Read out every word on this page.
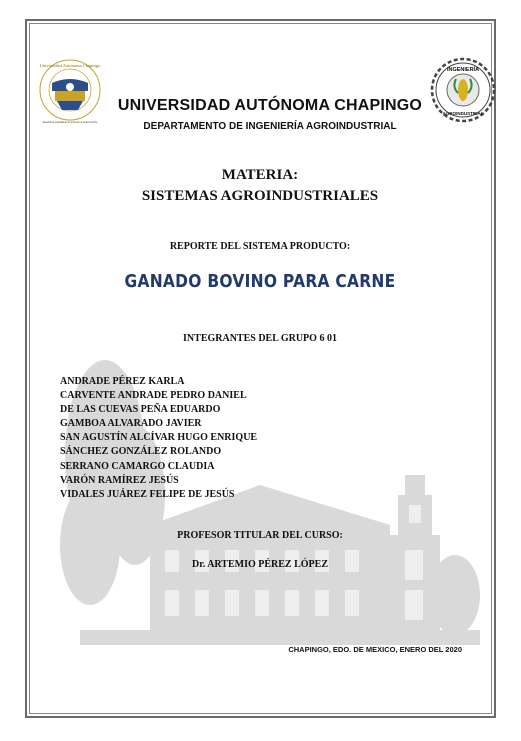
Universidad Autónoma Chapingo
Enseñar la explotación de la tierra no la del hombre
INGENIERÍA
AGROINDUSTRIAL
UNIVERSIDAD AUTÓNOMA CHAPINGO
DEPARTAMENTO DE INGENIERÍA AGROINDUSTRIAL
MATERIA:
SISTEMAS AGROINDUSTRIALES
REPORTE DEL SISTEMA PRODUCTO:
GANADO BOVINO PARA CARNE
INTEGRANTES DEL GRUPO 6 01
ANDRADE PÉREZ KARLA
CARVENTE ANDRADE PEDRO DANIEL
DE LAS CUEVAS PEÑA EDUARDO
GAMBOA ALVARADO JAVIER
SAN AGUSTÍN ALCÍVAR HUGO ENRIQUE
SÁNCHEZ GONZÁLEZ ROLANDO
SERRANO CAMARGO CLAUDIA
VARÓN RAMÍREZ JESÚS
VIDALES JUÁREZ FELIPE DE JESÚS
PROFESOR TITULAR DEL CURSO:
Dr. ARTEMIO PÉREZ LÓPEZ
CHAPINGO, EDO. DE MEXICO, ENERO DEL 2020
